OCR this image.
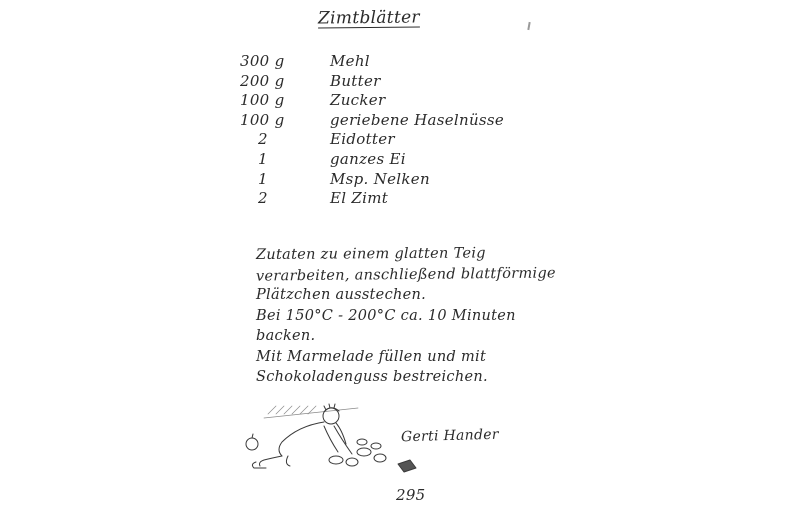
Zimtblätter
300 g	Mehl
200 g	Butter
100 g	Zucker
100 g	geriebene Haselnüsse
2	Eidotter
1	ganzes Ei
1	Msp. Nelken
2	El Zimt
Zutaten zu einem glatten Teig
verarbeiten, anschließend blattförmige
Plätzchen ausstechen.
Bei 150°C - 200°C ca. 10 Minuten
backen.
Mit Marmelade füllen und mit
Schokoladenguss bestreichen.
Gerti Hander
295
